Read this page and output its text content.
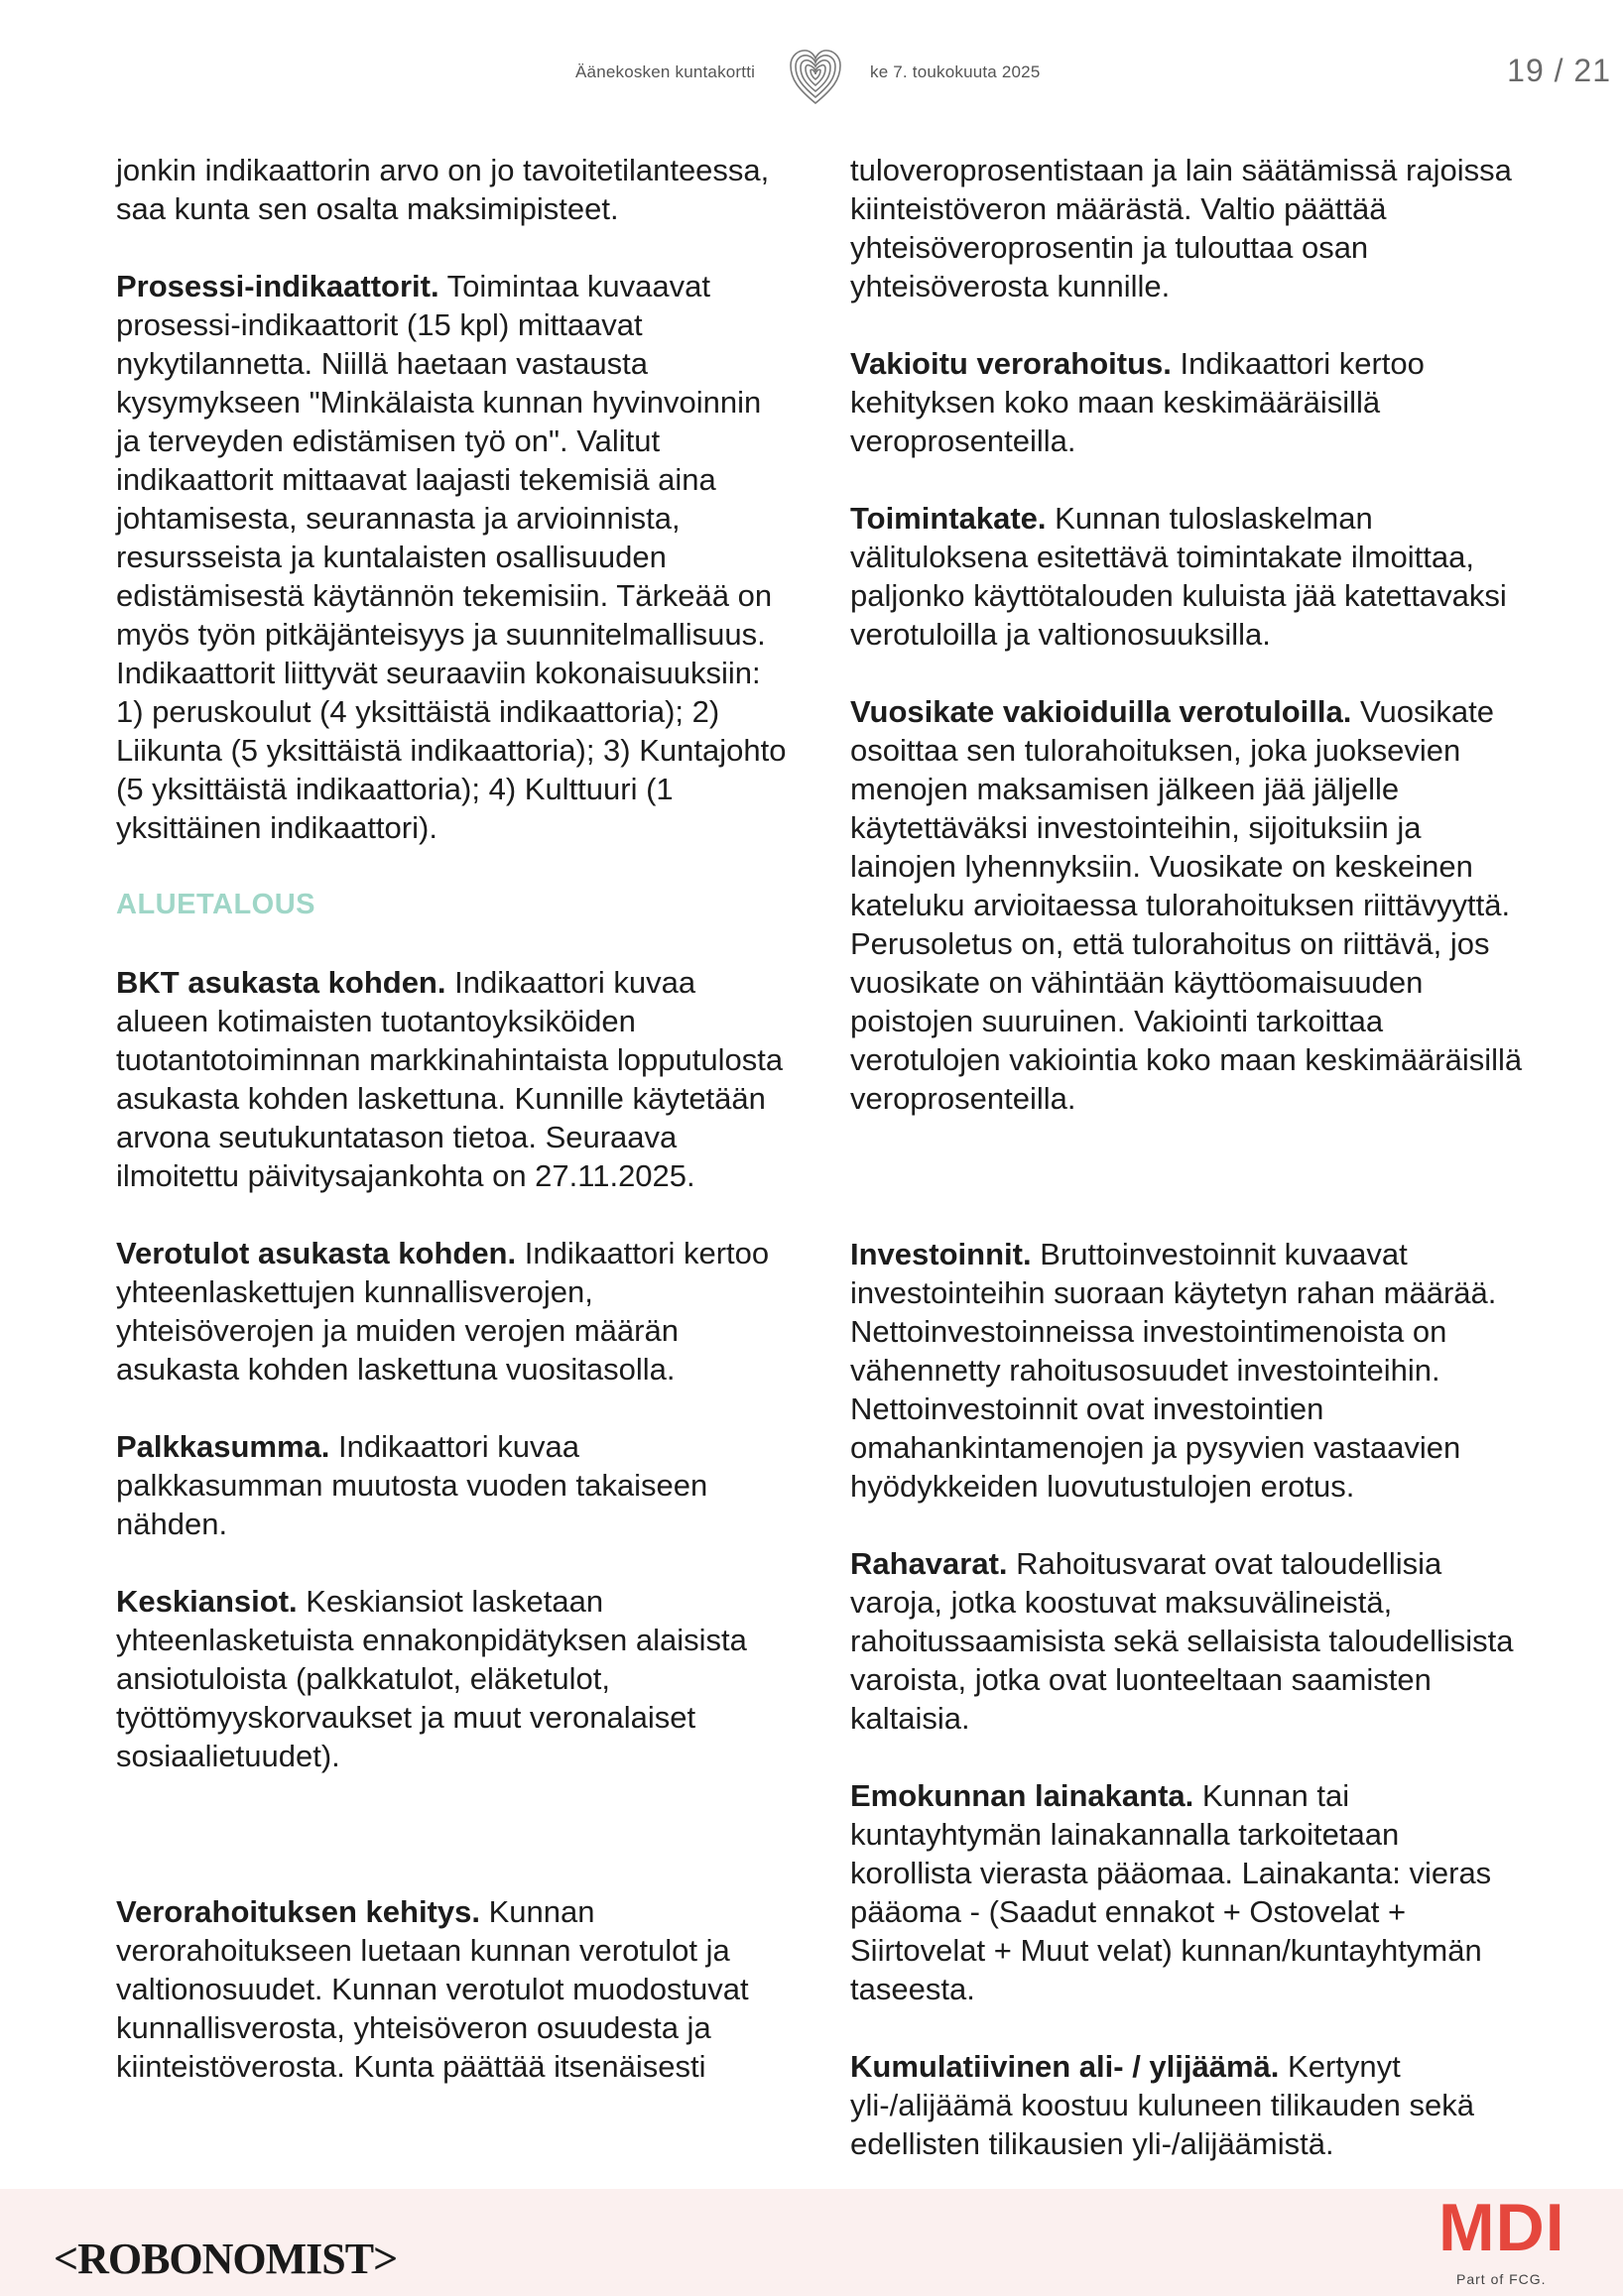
Äänekosken kuntakortti	ke 7. toukokuuta 2025	19 / 21

jonkin indikaattorin arvo on jo tavoitetilanteessa, saa kunta sen osalta maksimipisteet.

Prosessi-indikaattorit. Toimintaa kuvaavat prosessi-indikaattorit (15 kpl) mittaavat nykytilannetta. Niillä haetaan vastausta kysymykseen "Minkälaista kunnan hyvinvoinnin ja terveyden edistämisen työ on". Valitut indikaattorit mittaavat laajasti tekemisiä aina johtamisesta, seurannasta ja arvioinnista, resursseista ja kuntalaisten osallisuuden edistämisestä käytännön tekemisiin. Tärkeää on myös työn pitkäjänteisyys ja suunnitelmallisuus. Indikaattorit liittyvät seuraaviin kokonaisuuksiin: 1) peruskoulut (4 yksittäistä indikaattoria); 2) Liikunta (5 yksittäistä indikaattoria); 3) Kuntajohto (5 yksittäistä indikaattoria); 4) Kulttuuri (1 yksittäinen indikaattori).

ALUETALOUS

BKT asukasta kohden. Indikaattori kuvaa alueen kotimaisten tuotantoyksiköiden tuotantotoiminnan markkinahintaista lopputulosta asukasta kohden laskettuna. Kunnille käytetään arvona seutukuntatason tietoa. Seuraava ilmoitettu päivitysajankohta on 27.11.2025.

Verotulot asukasta kohden. Indikaattori kertoo yhteenlaskettujen kunnallisverojen, yhteisöverojen ja muiden verojen määrän asukasta kohden laskettuna vuositasolla.

Palkkasumma. Indikaattori kuvaa palkkasumman muutosta vuoden takaiseen nähden.

Keskiansiot. Keskiansiot lasketaan yhteenlasketuista ennakonpidätyksen alaisista ansiotuloista (palkkatulot, eläketulot, työttömyyskorvaukset ja muut veronalaiset sosiaalietuudet).

Verorahoituksen kehitys. Kunnan verorahoitukseen luetaan kunnan verotulot ja valtionosuudet. Kunnan verotulot muodostuvat kunnallisverosta, yhteisöveron osuudesta ja kiinteistöverosta. Kunta päättää itsenäisesti

tuloveroprosentistaan ja lain säätämissä rajoissa kiinteistöveron määrästä. Valtio päättää yhteisöveroprosentin ja tulouttaa osan yhteisöverosta kunnille.

Vakioitu verorahoitus. Indikaattori kertoo kehityksen koko maan keskimääräisillä veroprosenteilla.

Toimintakate. Kunnan tuloslaskelman välituloksena esitettävä toimintakate ilmoittaa, paljonko käyttötalouden kuluista jää katettavaksi verotuloilla ja valtionosuuksilla.

Vuosikate vakioiduilla verotuloilla. Vuosikate osoittaa sen tulorahoituksen, joka juoksevien menojen maksamisen jälkeen jää jäljelle käytettäväksi investointeihin, sijoituksiin ja lainojen lyhennyksiin. Vuosikate on keskeinen kateluku arvioitaessa tulorahoituksen riittävyyttä. Perusoletus on, että tulorahoitus on riittävä, jos vuosikate on vähintään käyttöomaisuuden poistojen suuruinen. Vakiointi tarkoittaa verotulojen vakiointia koko maan keskimääräisillä veroprosenteilla.

Investoinnit. Bruttoinvestoinnit kuvaavat investointeihin suoraan käytetyn rahan määrää. Nettoinvestoinneissa investointimenoista on vähennetty rahoitusosuudet investointeihin. Nettoinvestoinnit ovat investointien omahankintamenojen ja pysyvien vastaavien hyödykkeiden luovutustulojen erotus.

Rahavarat. Rahoitusvarat ovat taloudellisia varoja, jotka koostuvat maksuvälineistä, rahoitussaamisista sekä sellaisista taloudellisista varoista, jotka ovat luonteeltaan saamisten kaltaisia.

Emokunnan lainakanta. Kunnan tai kuntayhtymän lainakannalla tarkoitetaan korollista vierasta pääomaa. Lainakanta: vieras pääoma - (Saadut ennakot + Ostovelat + Siirtovelat + Muut velat) kunnan/kuntayhtymän taseesta.

Kumulatiivinen ali- / ylijäämä. Kertynyt yli-/alijäämä koostuu kuluneen tilikauden sekä edellisten tilikausien yli-/alijäämistä.

<ROBONOMIST>	MDI
Part of FCG.
